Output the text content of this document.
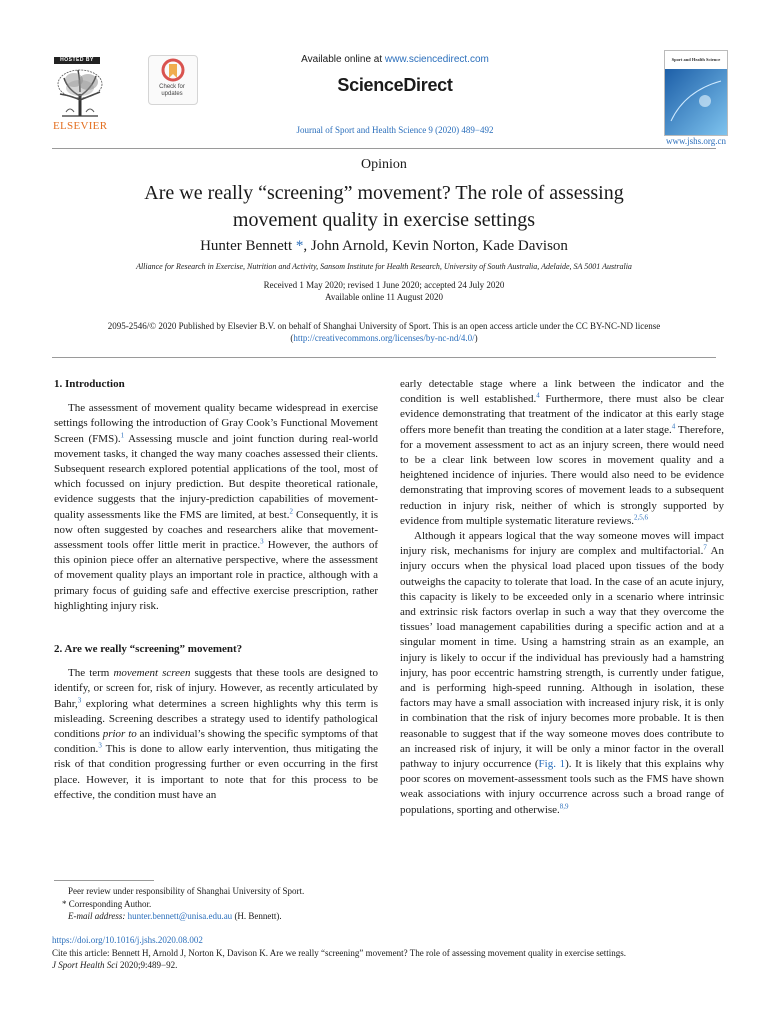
HOSTED BY
ELSEVIER
Check for updates
Available online at www.sciencedirect.com
ScienceDirect
Journal of Sport and Health Science 9 (2020) 489−492
Sport and Health Science
www.jshs.org.cn
Opinion
Are we really “screening” movement? The role of assessing
movement quality in exercise settings
Hunter Bennett *, John Arnold, Kevin Norton, Kade Davison
Alliance for Research in Exercise, Nutrition and Activity, Sansom Institute for Health Research, University of South Australia, Adelaide, SA 5001 Australia
Received 1 May 2020; revised 1 June 2020; accepted 24 July 2020
Available online 11 August 2020
2095-2546/© 2020 Published by Elsevier B.V. on behalf of Shanghai University of Sport. This is an open access article under the CC BY-NC-ND license
(http://creativecommons.org/licenses/by-nc-nd/4.0/)
1. Introduction

The assessment of movement quality became widespread in exercise settings following the introduction of Gray Cook’s Functional Movement Screen (FMS).$^1$ Assessing muscle and joint function during real-world movement tasks, it changed the way many coaches assessed their clients. Subsequent research explored potential applications of the tool, most of which focussed on injury prediction. But despite theoretical rationale, evidence suggests that the injury-prediction capabilities of movement-quality assessments like the FMS are limited, at best.$^2$ Consequently, it is now often suggested by coaches and researchers alike that movement-assessment tools offer little merit in practice.$^3$ However, the authors of this opinion piece offer an alternative perspective, where the assessment of movement quality plays an important role in practice, although with a primary focus of guiding safe and effective exercise prescription, rather highlighting injury risk.

2. Are we really “screening” movement?

The term movement screen suggests that these tools are designed to identify, or screen for, risk of injury. However, as recently articulated by Bahr,$^3$ exploring what determines a screen highlights why this term is misleading. Screening describes a strategy used to identify pathological conditions prior to an individual’s showing the specific symptoms of that condition.$^3$ This is done to allow early intervention, thus mitigating the risk of that condition progressing further or even occurring in the first place. However, it is important to note that for this process to be effective, the condition must have an

Peer review under responsibility of Shanghai University of Sport.
* Corresponding Author.
E-mail address: hunter.bennett@unisa.edu.au (H. Bennett).

early detectable stage where a link between the indicator and the condition is well established.$^4$ Furthermore, there must also be clear evidence demonstrating that treatment of the indicator at this early stage offers more benefit than treating the condition at a later stage.$^4$ Therefore, for a movement assessment to act as an injury screen, there would need to be a clear link between low scores in movement quality and a heightened incidence of injuries. There would also need to be evidence demonstrating that improving scores of movement leads to a subsequent reduction in injury risk, neither of which is strongly supported by evidence from multiple systematic literature reviews.$^{2,5,6}$

Although it appears logical that the way someone moves will impact injury risk, mechanisms for injury are complex and multifactorial.$^7$ An injury occurs when the physical load placed upon tissues of the body outweighs the capacity to tolerate that load. In the case of an acute injury, this capacity is likely to be exceeded only in a scenario where intrinsic and extrinsic risk factors overlap in such a way that they overcome the tissues’ load management capabilities during a specific action and at a singular moment in time. Using a hamstring strain as an example, an injury is likely to occur if the individual has previously had a hamstring injury, has poor eccentric hamstring strength, is currently under fatigue, and is performing high-speed running. Although in isolation, these factors may have a small association with increased injury risk, it is only in combination that the risk of injury becomes more probable. It is then reasonable to suggest that if the way someone moves does contribute to an increased risk of injury, it will be only a minor factor in the overall pathway to injury occurrence (Fig. 1). It is likely that this explains why poor scores on movement-assessment tools such as the FMS have shown weak associations with injury occurrence across such a broad range of populations, sporting and otherwise.$^{8,9}$

https://doi.org/10.1016/j.jshs.2020.08.002
Cite this article: Bennett H, Arnold J, Norton K, Davison K. Are we really “screening” movement? The role of assessing movement quality in exercise settings.
J Sport Health Sci 2020;9:489−92.
